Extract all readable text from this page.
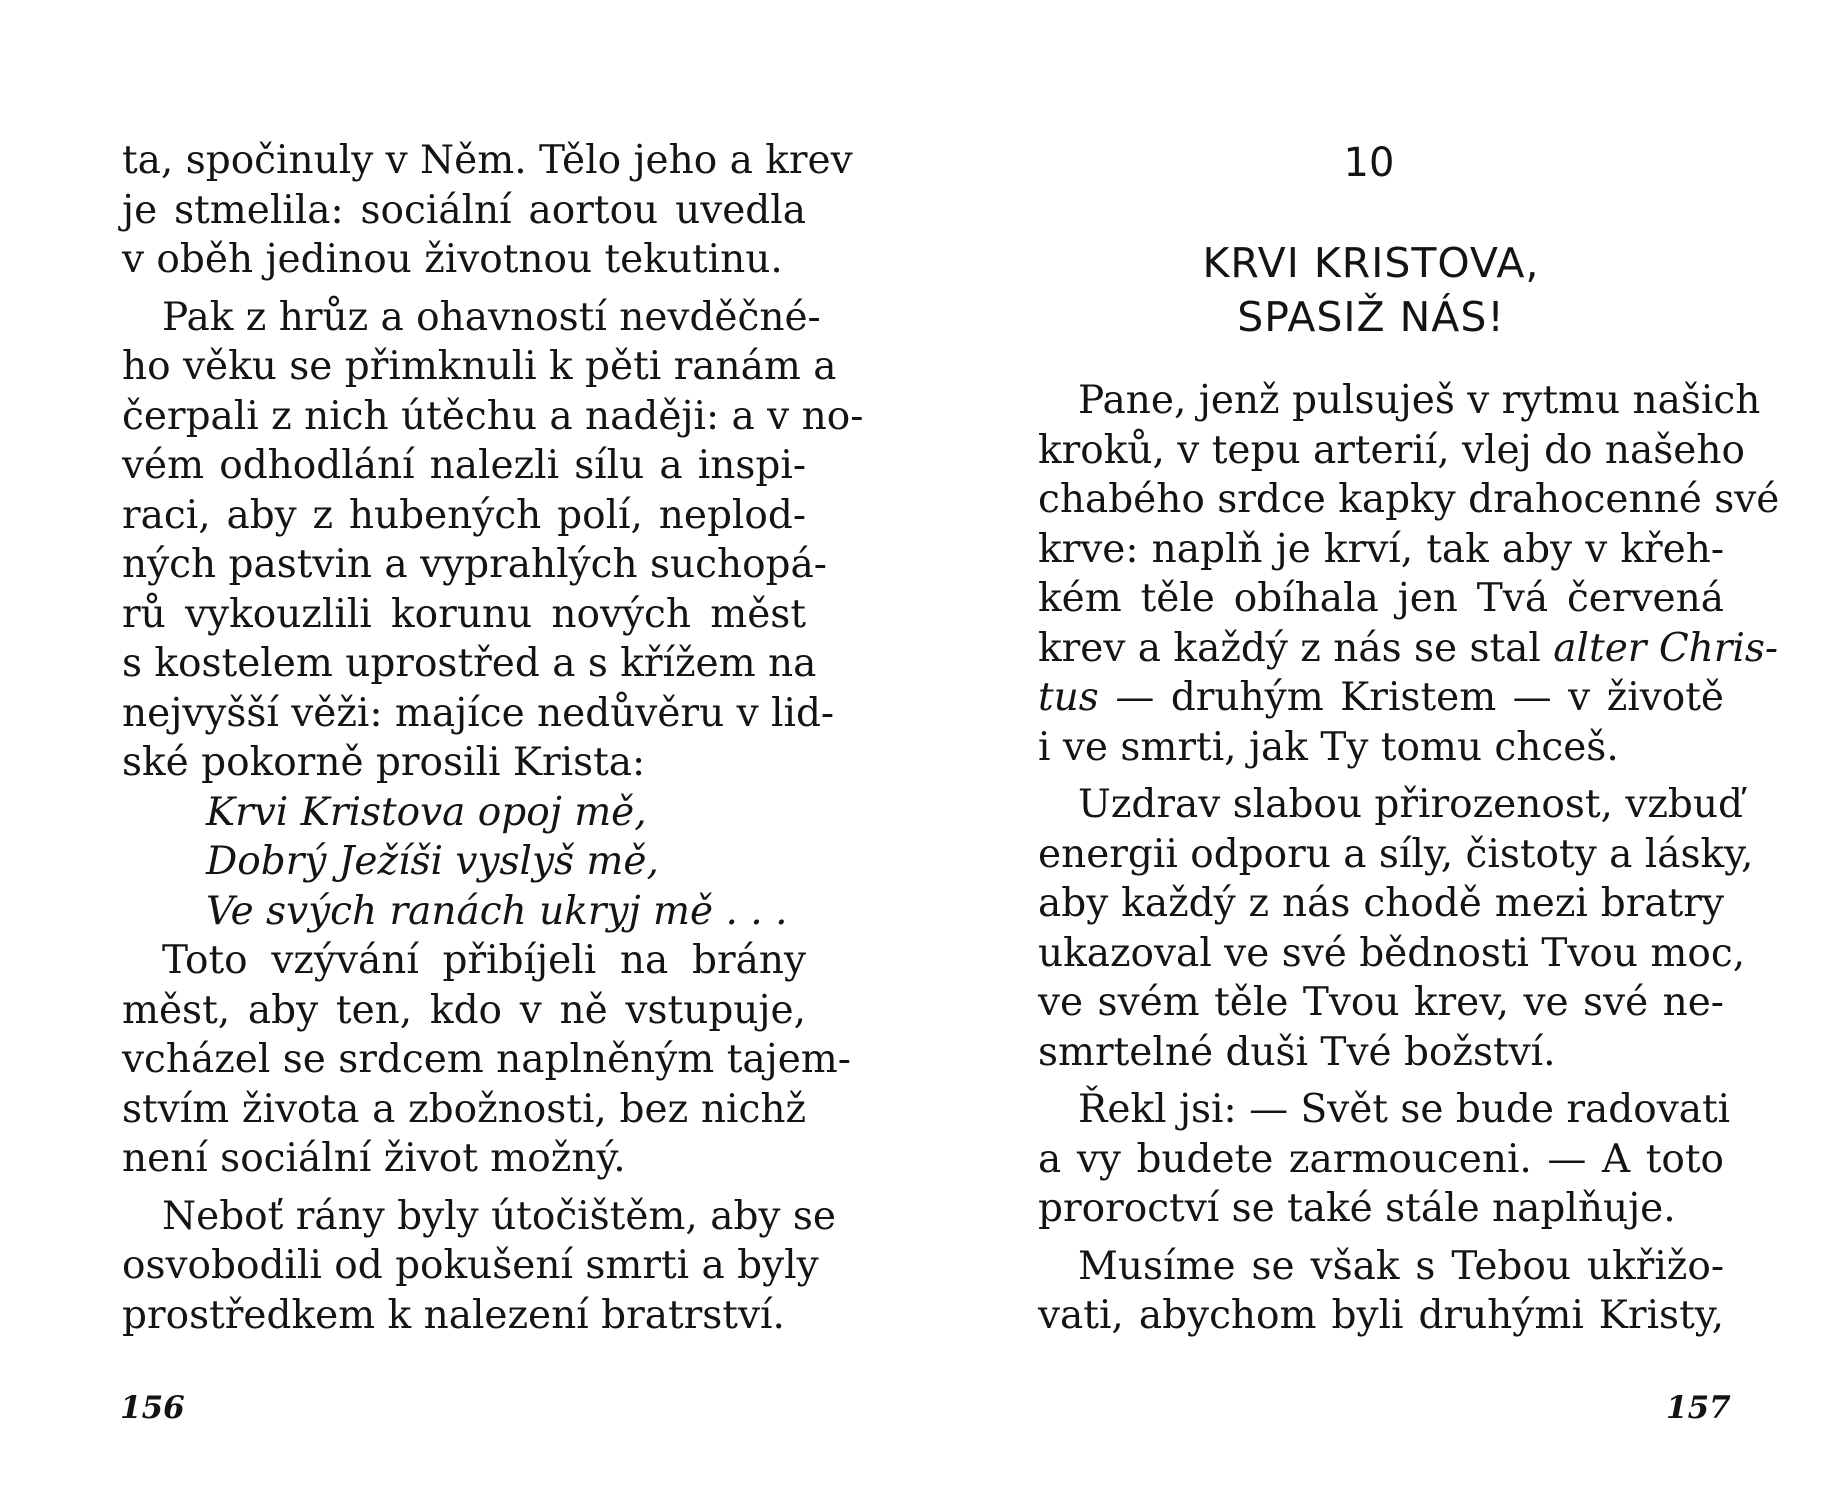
ta, spočinuly v Něm. Tělo jeho a krev
je stmelila: sociální aortou uvedla
v oběh jedinou životnou tekutinu.
Pak z hrůz a ohavností nevděčné-
ho věku se přimknuli k pěti ranám a
čerpali z nich útěchu a naději: a v no-
vém odhodlání nalezli sílu a inspi-
raci, aby z hubených polí, neplod-
ných pastvin a vyprahlých suchopá-
rů vykouzlili korunu nových měst
s kostelem uprostřed a s křížem na
nejvyšší věži: majíce nedůvěru v lid-
ské pokorně prosili Krista:
Krvi Kristova opoj mě,
Dobrý Ježíši vyslyš mě,
Ve svých ranách ukryj mě . . .
Toto vzývání přibíjeli na brány
měst, aby ten, kdo v ně vstupuje,
vcházel se srdcem naplněným tajem-
stvím života a zbožnosti, bez nichž
není sociální život možný.
Neboť rány byly útočištěm, aby se
osvobodili od pokušení smrti a byly
prostředkem k nalezení bratrství.
156
10
KRVI KRISTOVA,
SPASIŽ NÁS!
Pane, jenž pulsuješ v rytmu našich
kroků, v tepu arterií, vlej do našeho
chabého srdce kapky drahocenné své
krve: naplň je krví, tak aby v křeh-
kém těle obíhala jen Tvá červená
krev a každý z nás se stal alter Chris-
tus — druhým Kristem — v životě
i ve smrti, jak Ty tomu chceš.
Uzdrav slabou přirozenost, vzbuď
energii odporu a síly, čistoty a lásky,
aby každý z nás chodě mezi bratry
ukazoval ve své bědnosti Tvou moc,
ve svém těle Tvou krev, ve své ne-
smrtelné duši Tvé božství.
Řekl jsi: — Svět se bude radovati
a vy budete zarmouceni. — A toto
proroctví se také stále naplňuje.
Musíme se však s Tebou ukřižo-
vati, abychom byli druhými Kristy,
157
